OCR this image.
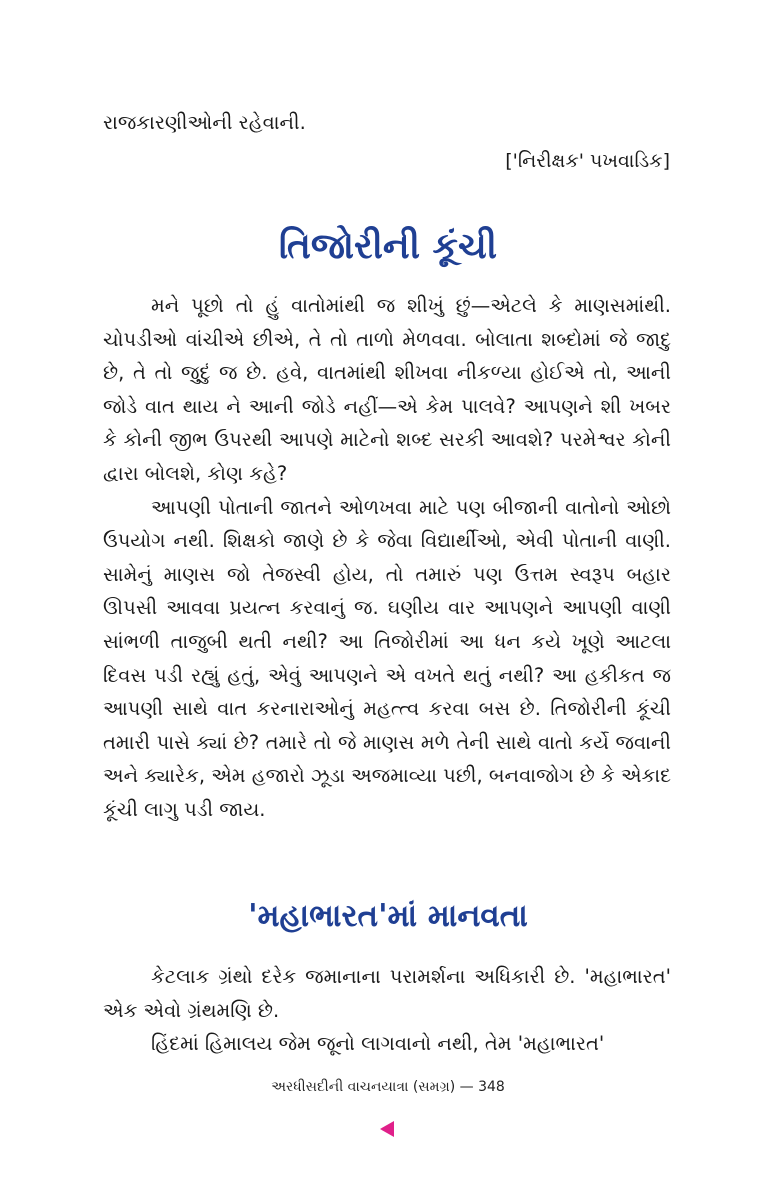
રાજકારણીઓની રહેવાની.

['નિરીક્ષક' પખવાડિક]
તિજોરીની કૂંચી

મને પૂછો તો હું વાતોમાંથી જ શીખું છું—એટલે કે માણસમાંથી. ચોપડીઓ વાંચીએ છીએ, તે તો તાળો મેળવવા. બોલાતા શબ્દોમાં જે જાદુ છે, તે તો જુદું જ છે. હવે, વાતમાંથી શીખવા નીકળ્યા હોઈએ તો, આની જોડે વાત થાય ને આની જોડે નહીં—એ કેમ પાલવે? આપણને શી ખબર કે કોની જીભ ઉપરથી આપણે માટેનો શબ્દ સરકી આવશે? પરમેશ્વર કોની દ્વારા બોલશે, કોણ કહે?

આપણી પોતાની જાતને ઓળખવા માટે પણ બીજાની વાતોનો ઓછો ઉપયોગ નથી. શિક્ષકો જાણે છે કે જેવા વિદ્યાર્થીઓ, એવી પોતાની વાણી. સામેનું માણસ જો તેજસ્વી હોય, તો તમારું પણ ઉત્તમ સ્વરૂપ બહાર ઊપસી આવવા પ્રયત્ન કરવાનું જ. ઘણીય વાર આપણને આપણી વાણી સાંભળી તાજુબી થતી નથી? આ તિજોરીમાં આ ધન કયે ખૂણે આટલા દિવસ પડી રહ્યું હતું, એવું આપણને એ વખતે થતું નથી? આ હકીકત જ આપણી સાથે વાત કરનારાઓનું મહત્ત્વ કરવા બસ છે. તિજોરીની કૂંચી તમારી પાસે ક્યાં છે? તમારે તો જે માણસ મળે તેની સાથે વાતો કર્યે જવાની અને ક્યારેક, એમ હજારો ઝૂડા અજમાવ્યા પછી, બનવાજોગ છે કે એકાદ કૂંચી લાગુ પડી જાય.

'મહાભારત'માં માનવતા

કેટલાક ગ્રંથો દરેક જમાનાના પરામર્શના અધિકારી છે. 'મહાભારત' એક એવો ગ્રંથમણિ છે.

હિંદમાં હિમાલય જેમ જૂનો લાગવાનો નથી, તેમ 'મહાભારત'

અરધીસદીની વાચનયાત્રા (સમગ્ર) — 348
